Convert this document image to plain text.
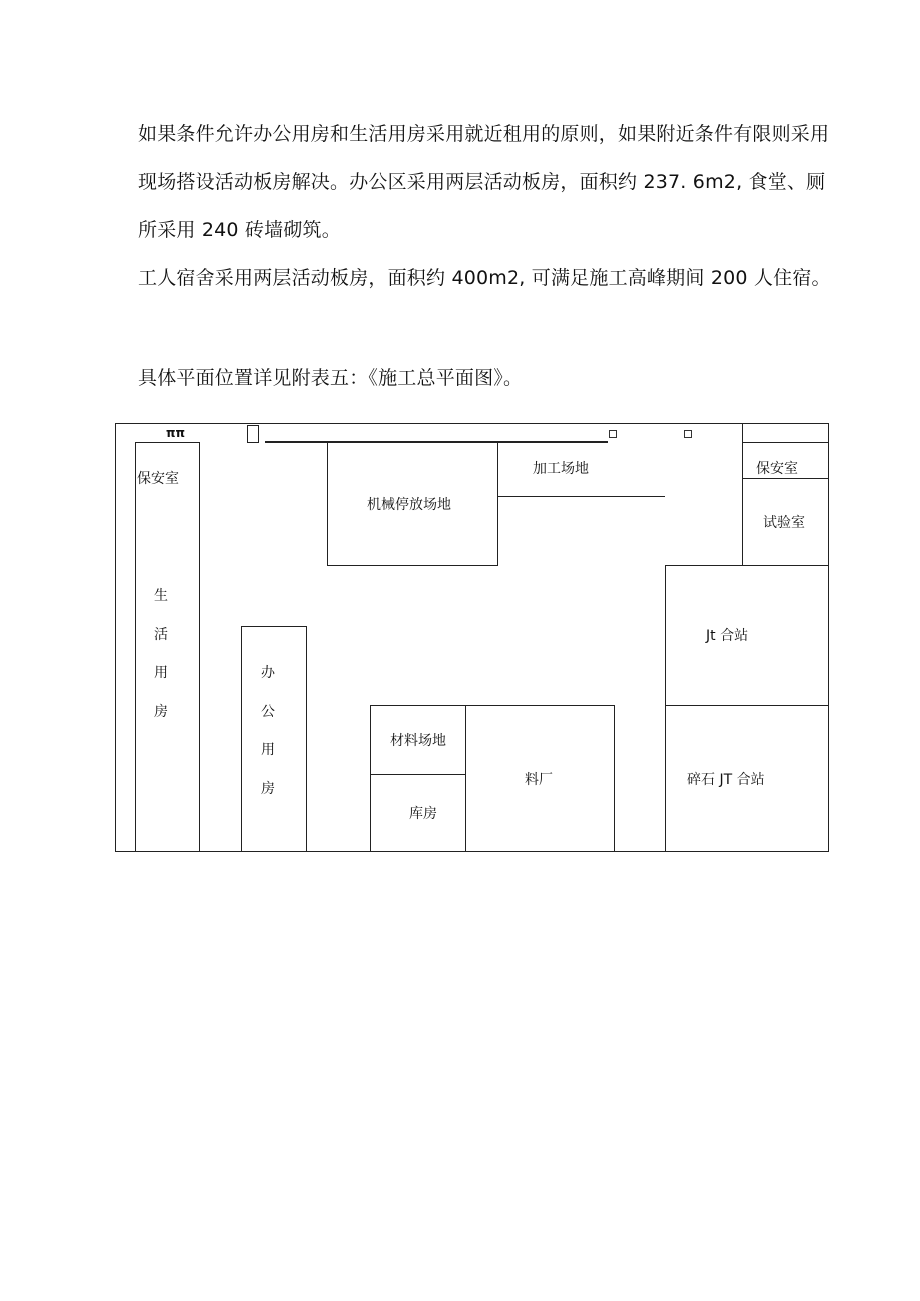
如果条件允许办公用房和生活用房采用就近租用的原则，如果附近条件有限则采用现场搭设活动板房解决。办公区采用两层活动板房，面积约 237. 6m2, 食堂、厕所采用 240 砖墙砌筑。

工人宿舍采用两层活动板房，面积约 400m2, 可满足施工高峰期间 200 人住宿。

具体平面位置详见附表五：《施工总平面图》。

ππ
保安室
生
活
用
房
办
公
用
房
机械停放场地
加工场地	保安室
试验室
Jt 合站
碎石 JT 合站
材料场地
库房
料厂
